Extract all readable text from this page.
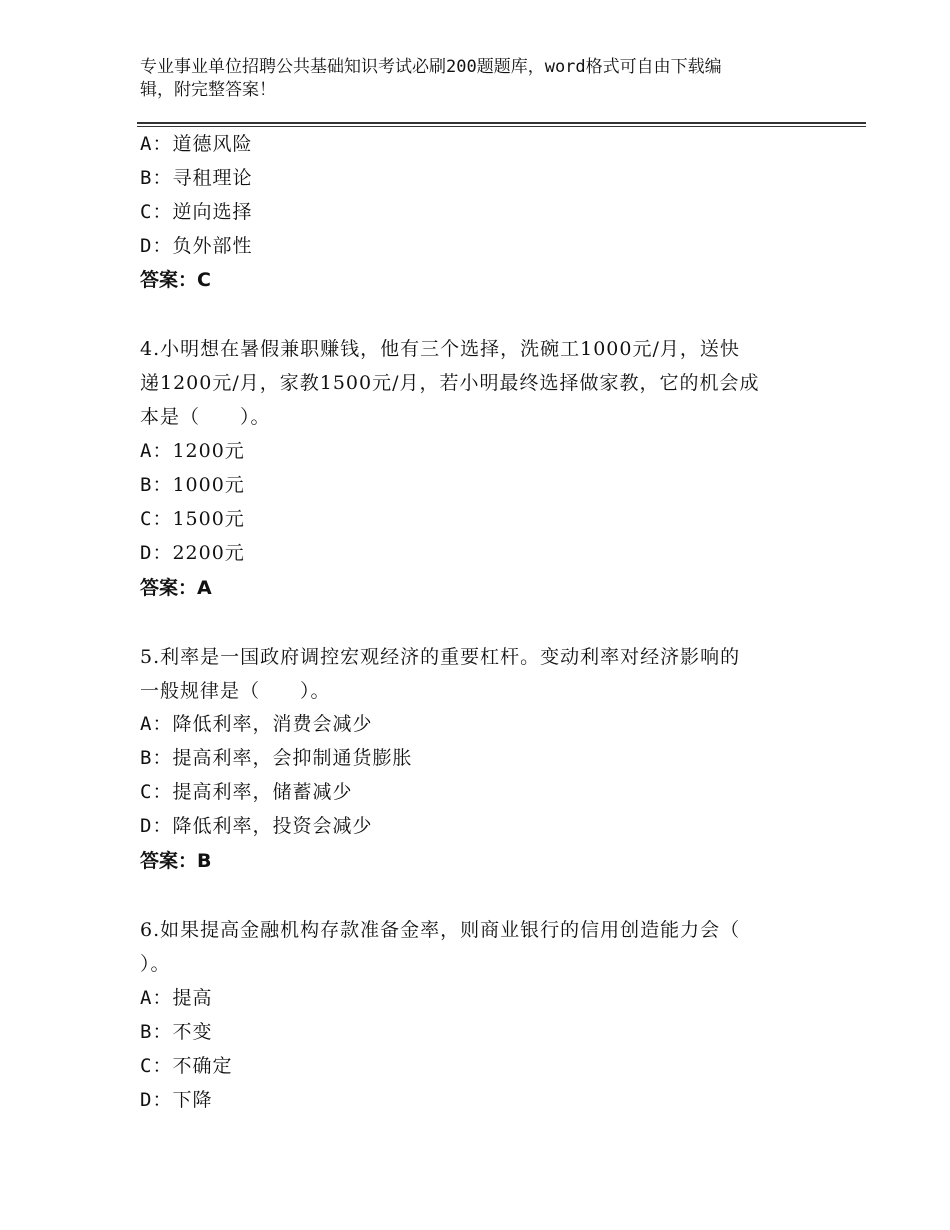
专业事业单位招聘公共基础知识考试必刷200题题库，word格式可自由下载编
辑，附完整答案！
A：道德风险
B：寻租理论
C：逆向选择
D：负外部性
答案：C
4.小明想在暑假兼职赚钱，他有三个选择，洗碗工1000元/月，送快
递1200元/月，家教1500元/月，若小明最终选择做家教，它的机会成
本是（　　）。
A：1200元
B：1000元
C：1500元
D：2200元
答案：A
5.利率是一国政府调控宏观经济的重要杠杆。变动利率对经济影响的
一般规律是（　　）。
A：降低利率，消费会减少
B：提高利率，会抑制通货膨胀
C：提高利率，储蓄减少
D：降低利率，投资会减少
答案：B
6.如果提高金融机构存款准备金率，则商业银行的信用创造能力会（
）。
A：提高
B：不变
C：不确定
D：下降
